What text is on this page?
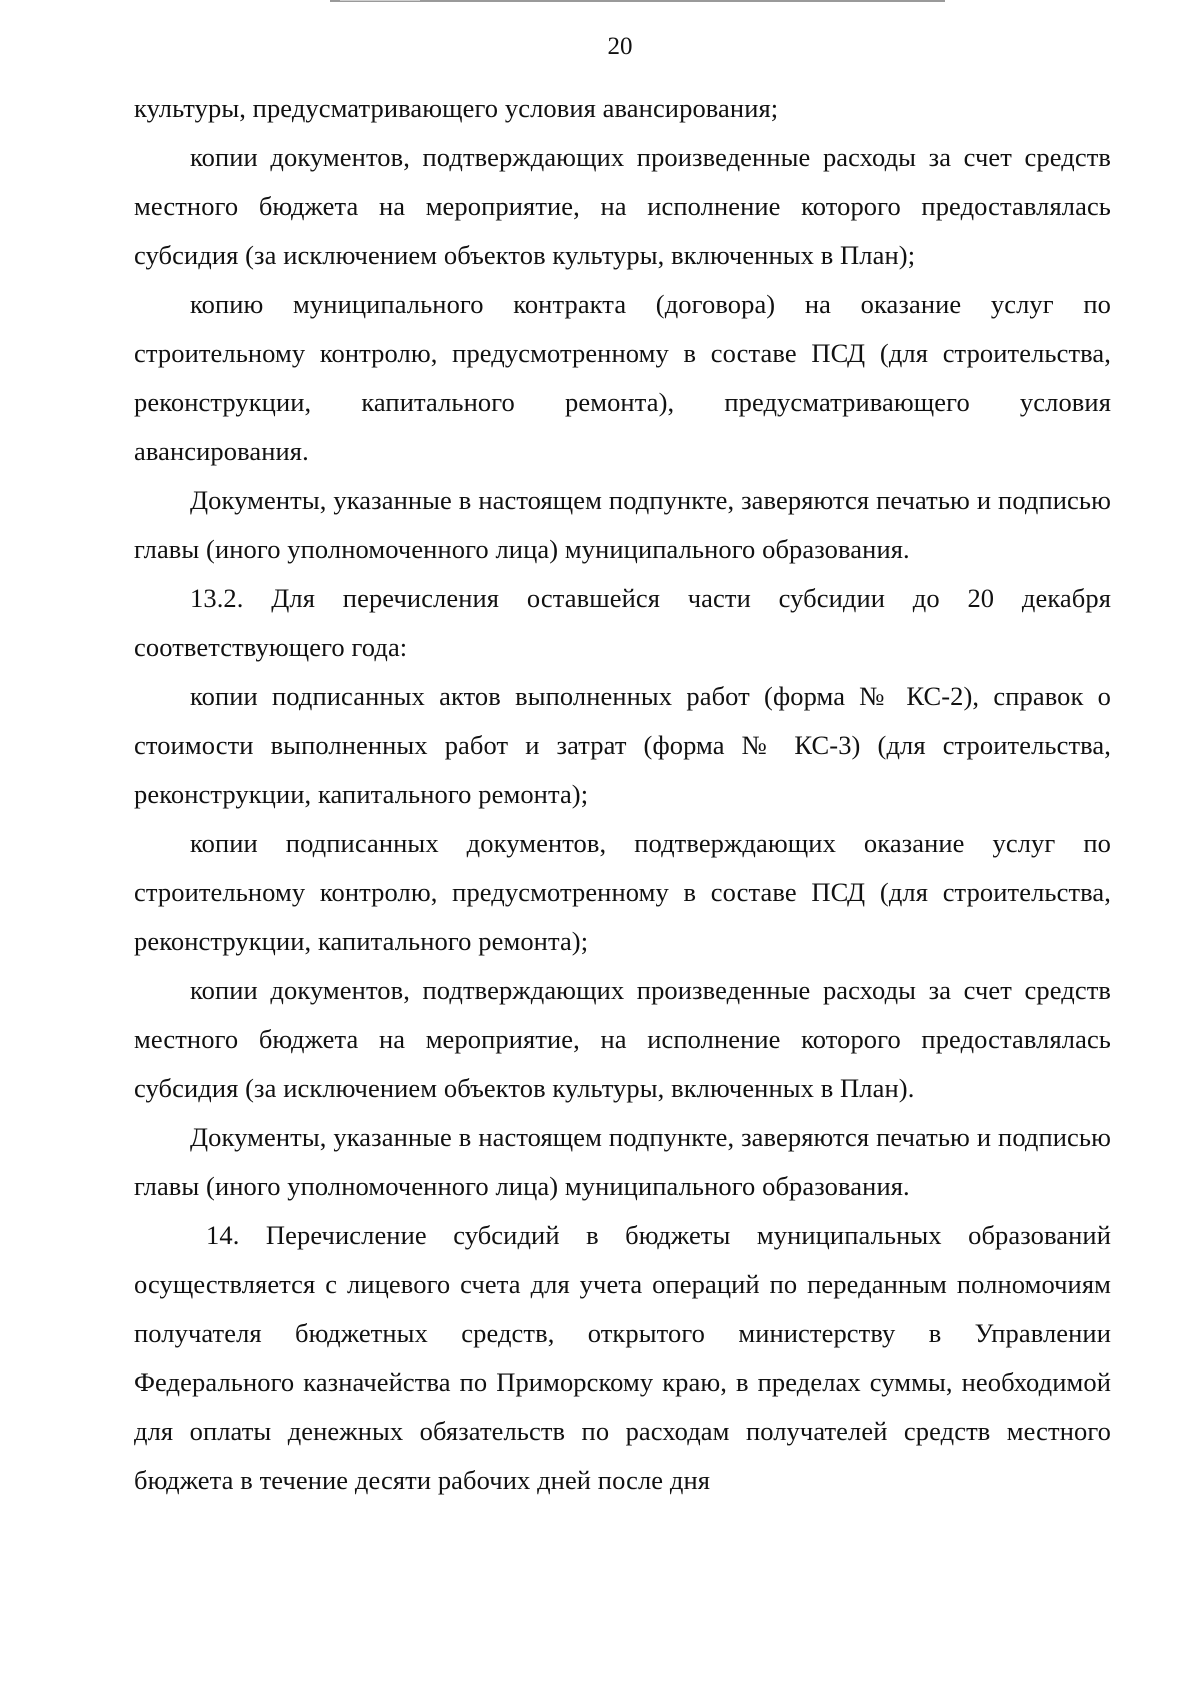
20

культуры, предусматривающего условия авансирования;

копии документов, подтверждающих произведенные расходы за счет средств местного бюджета на мероприятие, на исполнение которого предоставлялась субсидия (за исключением объектов культуры, включенных в План);

копию муниципального контракта (договора) на оказание услуг по строительному контролю, предусмотренному в составе ПСД (для строительства, реконструкции, капитального ремонта), предусматривающего условия авансирования.

Документы, указанные в настоящем подпункте, заверяются печатью и подписью главы (иного уполномоченного лица) муниципального образования.

13.2. Для перечисления оставшейся части субсидии до 20 декабря соответствующего года:

копии подписанных актов выполненных работ (форма № КС-2), справок о стоимости выполненных работ и затрат (форма № КС-3) (для строительства, реконструкции, капитального ремонта);

копии подписанных документов, подтверждающих оказание услуг по строительному контролю, предусмотренному в составе ПСД (для строительства, реконструкции, капитального ремонта);

копии документов, подтверждающих произведенные расходы за счет средств местного бюджета на мероприятие, на исполнение которого предоставлялась субсидия (за исключением объектов культуры, включенных в План).

Документы, указанные в настоящем подпункте, заверяются печатью и подписью главы (иного уполномоченного лица) муниципального образования.

14. Перечисление субсидий в бюджеты муниципальных образований осуществляется с лицевого счета для учета операций по переданным полномочиям получателя бюджетных средств, открытого министерству в Управлении Федерального казначейства по Приморскому краю, в пределах суммы, необходимой для оплаты денежных обязательств по расходам получателей средств местного бюджета в течение десяти рабочих дней после дня
